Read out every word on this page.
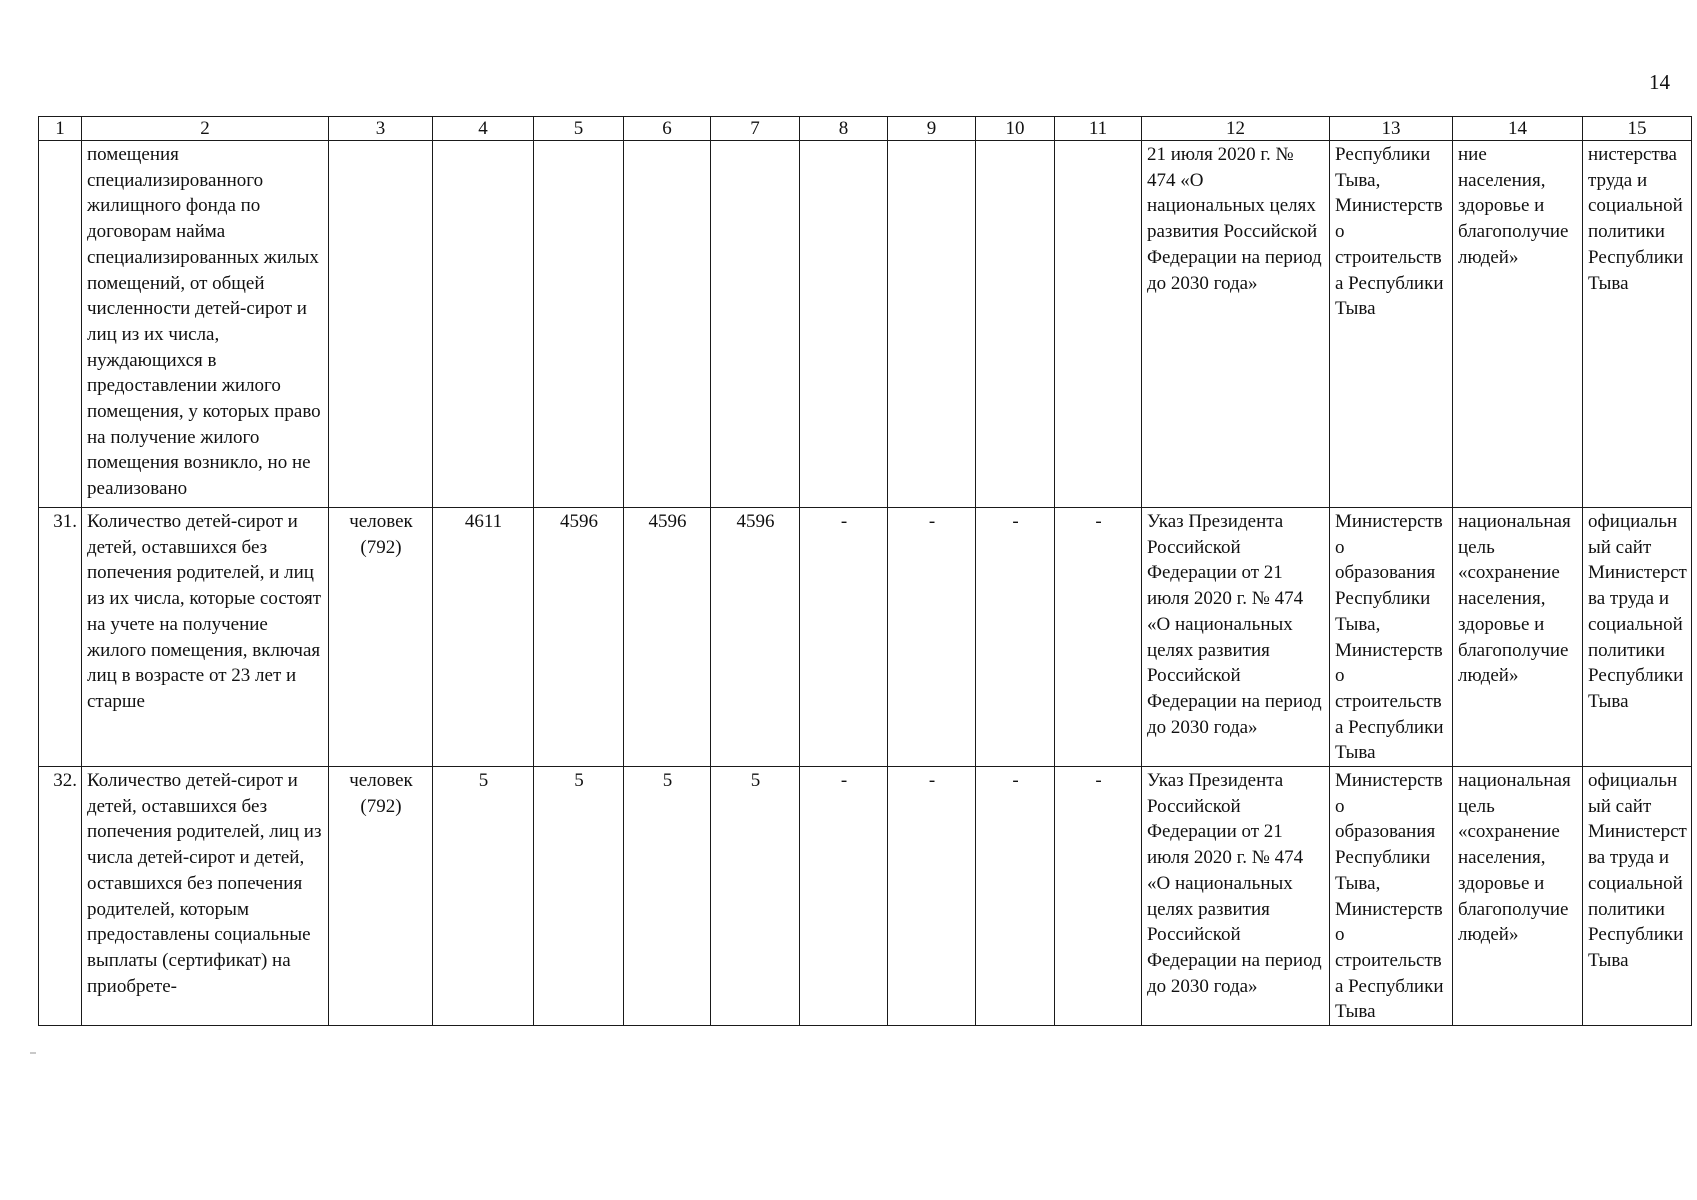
14
1	2	3	4	5	6	7	8	9	10	11	12	13	14	15
	помещения специализированного жилищного фонда по договорам найма специализированных жилых помещений, от общей численности детей-сирот и лиц из их числа, нуждающихся в предоставлении жилого помещения, у которых право на получение жилого помещения возникло, но не реализовано										21 июля 2020 г. № 474 «О национальных целях развития Российской Федерации на период до 2030 года»	Республики Тыва, Министерство строительства Республики Тыва	ние населения, здоровье и благополучие людей»	нистерства труда и социальной политики Республики Тыва
31.	Количество детей-сирот и детей, оставшихся без попечения родителей, и лиц из их числа, которые состоят на учете на получение жилого помещения, включая лиц в возрасте от 23 лет и старше	человек (792)	4611	4596	4596	4596	-	-	-	-	Указ Президента Российской Федерации от 21 июля 2020 г. № 474 «О национальных целях развития Российской Федерации на период до 2030 года»	Министерство образования Республики Тыва, Министерство строительства Республики Тыва	национальная цель «сохранение населения, здоровье и благополучие людей»	официальный сайт Министерства труда и социальной политики Республики Тыва
32.	Количество детей-сирот и детей, оставшихся без попечения родителей, лиц из числа детей-сирот и детей, оставшихся без попечения родителей, которым предоставлены социальные выплаты (сертификат) на приобрете-	человек (792)	5	5	5	5	-	-	-	-	Указ Президента Российской Федерации от 21 июля 2020 г. № 474 «О национальных целях развития Российской Федерации на период до 2030 года»	Министерство образования Республики Тыва, Министерство строительства Республики Тыва	национальная цель «сохранение населения, здоровье и благополучие людей»	официальный сайт Министерства труда и социальной политики Республики Тыва
